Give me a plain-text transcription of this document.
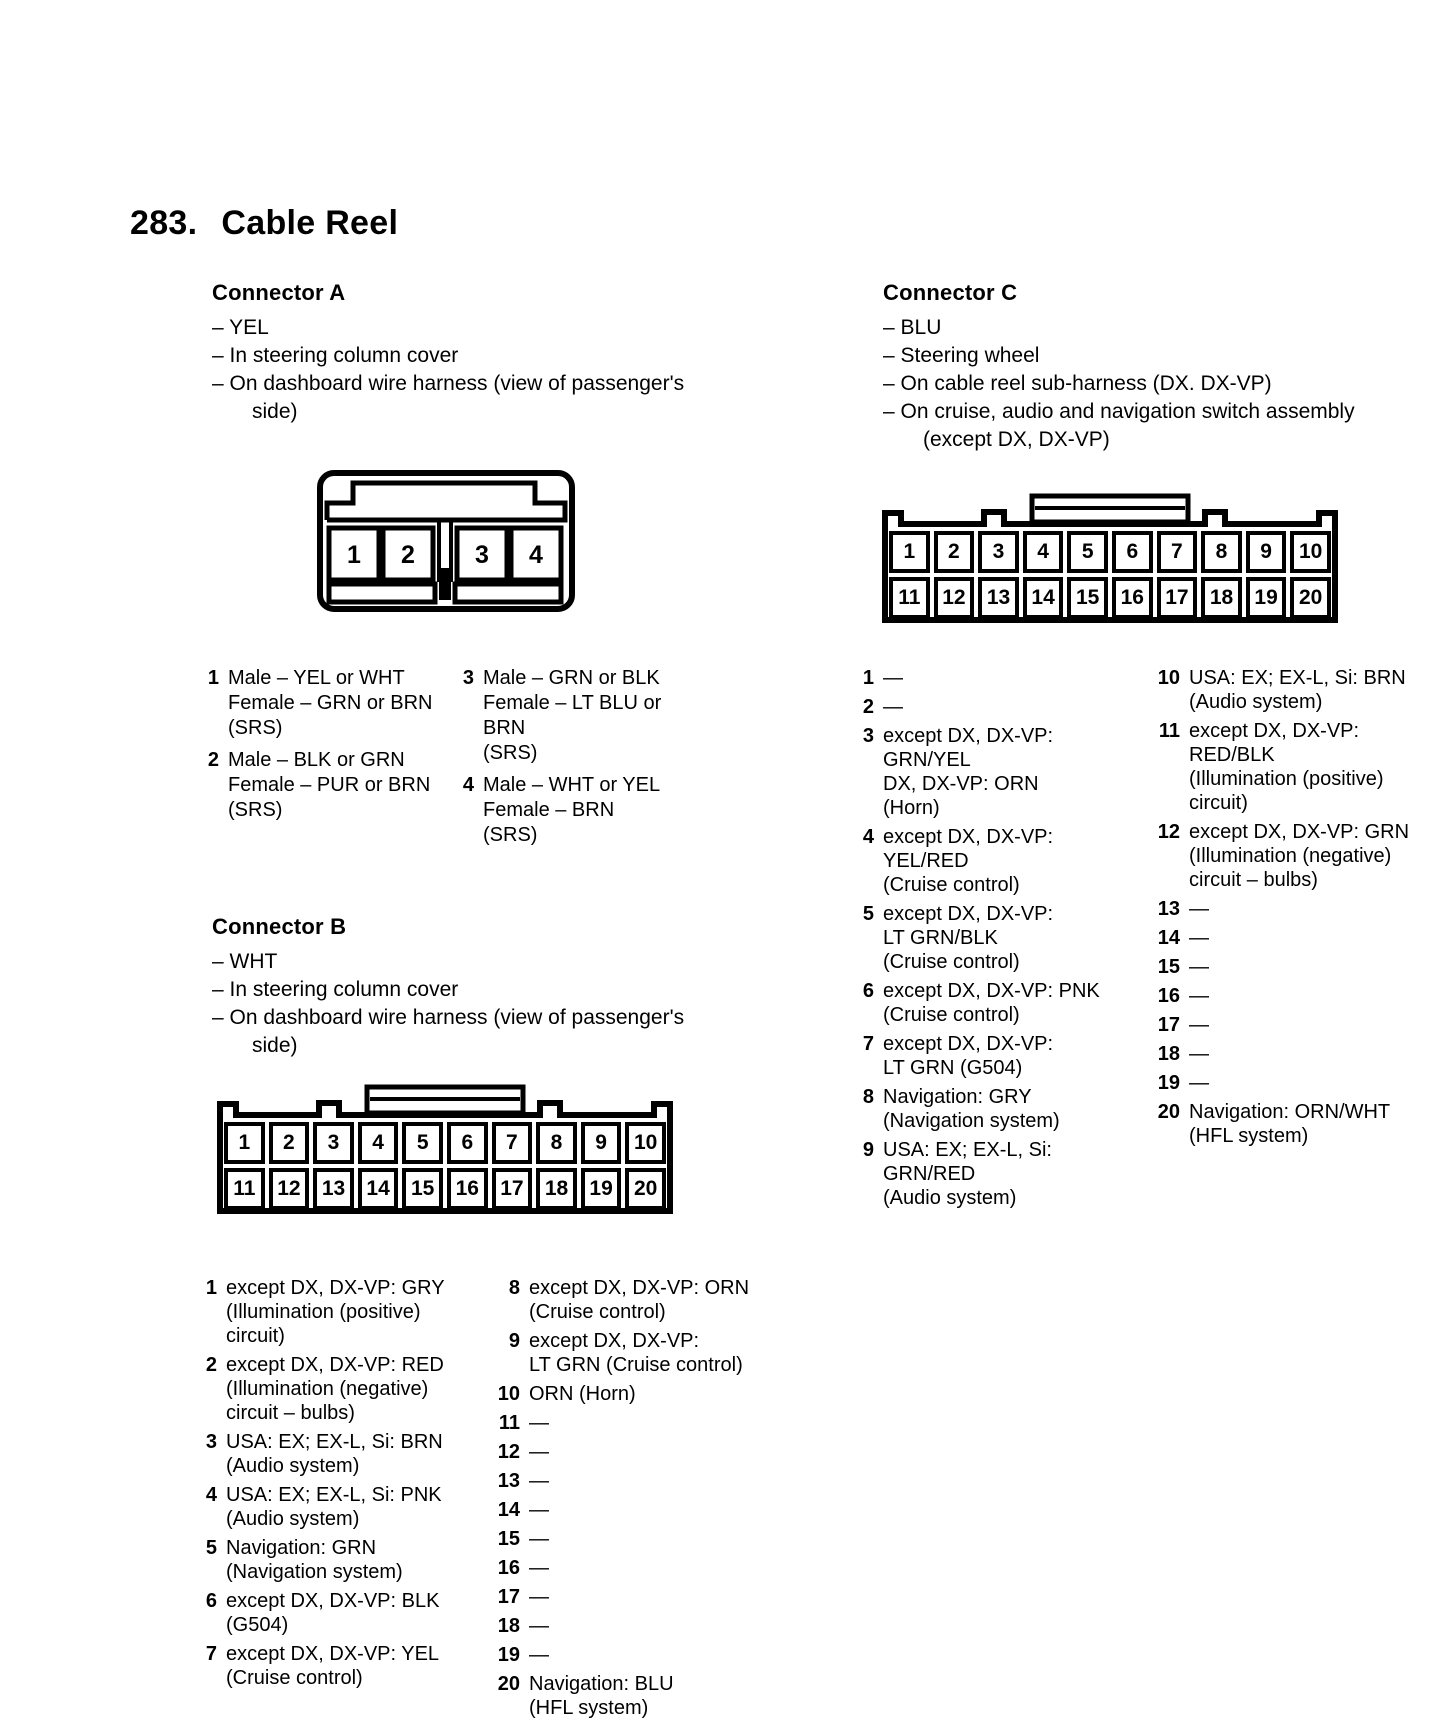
283. Cable Reel
Connector A
– YEL
– In steering column cover
– On dashboard wire harness (view of passenger's
side)
1 2 3 4
1 Male – YEL or WHT
Female – GRN or BRN
(SRS)
2 Male – BLK or GRN
Female – PUR or BRN
(SRS)
3 Male – GRN or BLK
Female – LT BLU or
BRN
(SRS)
4 Male – WHT or YEL
Female – BRN
(SRS)
Connector B
– WHT
– In steering column cover
– On dashboard wire harness (view of passenger's
side)
1	2	3	4	5	6	7	8	9	10
11	12	13	14	15	16	17	18	19	20
1 except DX, DX-VP: GRY
(Illumination (positive)
circuit)
2 except DX, DX-VP: RED
(Illumination (negative)
circuit – bulbs)
3 USA: EX; EX-L, Si: BRN
(Audio system)
4 USA: EX; EX-L, Si: PNK
(Audio system)
5 Navigation: GRN
(Navigation system)
6 except DX, DX-VP: BLK
(G504)
7 except DX, DX-VP: YEL
(Cruise control)
8 except DX, DX-VP: ORN
(Cruise control)
9 except DX, DX-VP:
LT GRN (Cruise control)
10 ORN (Horn)
11 —
12 —
13 —
14 —
15 —
16 —
17 —
18 —
19 —
20 Navigation: BLU
(HFL system)
Connector C
– BLU
– Steering wheel
– On cable reel sub-harness (DX. DX-VP)
– On cruise, audio and navigation switch assembly
(except DX, DX-VP)
1	2	3	4	5	6	7	8	9	10
11	12	13	14	15	16	17	18	19	20
1 —
2 —
3 except DX, DX-VP:
GRN/YEL
DX, DX-VP: ORN
(Horn)
4 except DX, DX-VP:
YEL/RED
(Cruise control)
5 except DX, DX-VP:
LT GRN/BLK
(Cruise control)
6 except DX, DX-VP: PNK
(Cruise control)
7 except DX, DX-VP:
LT GRN (G504)
8 Navigation: GRY
(Navigation system)
9 USA: EX; EX-L, Si:
GRN/RED
(Audio system)
10 USA: EX; EX-L, Si: BRN
(Audio system)
11 except DX, DX-VP:
RED/BLK
(Illumination (positive)
circuit)
12 except DX, DX-VP: GRN
(Illumination (negative)
circuit – bulbs)
13 —
14 —
15 —
16 —
17 —
18 —
19 —
20 Navigation: ORN/WHT
(HFL system)
